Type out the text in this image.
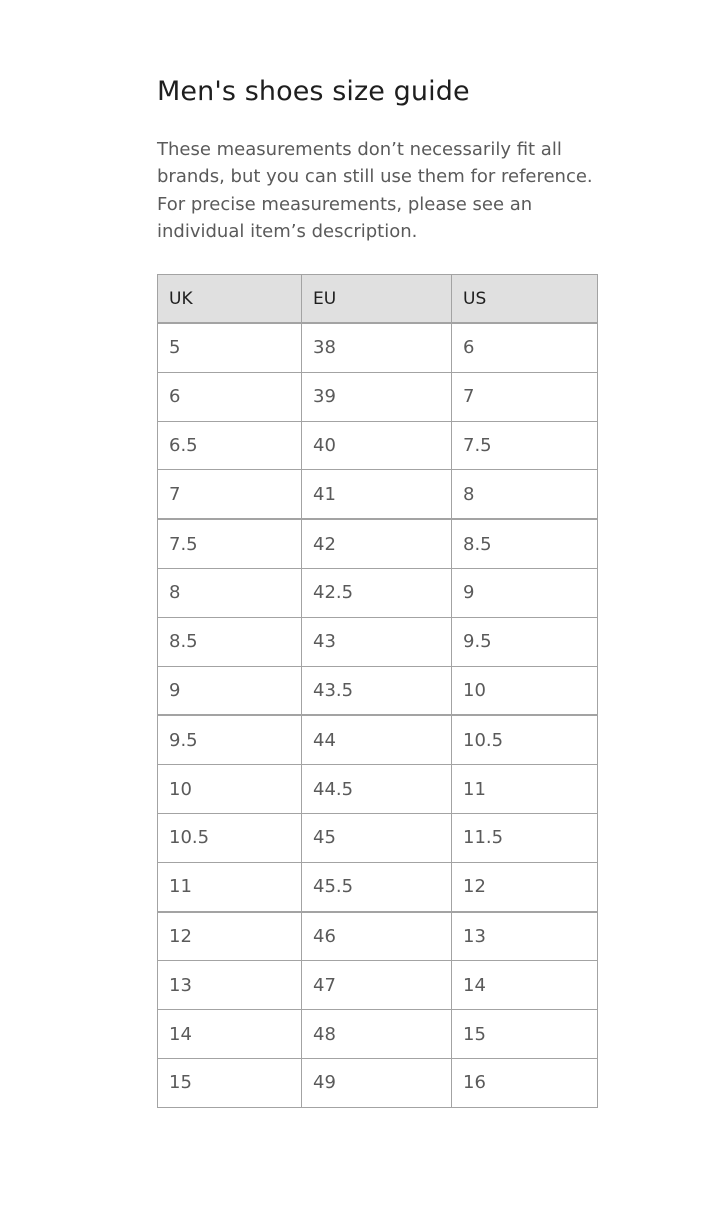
Men's shoes size guide

These measurements don’t necessarily fit all brands, but you can still use them for reference. For precise measurements, please see an individual item’s description.

UK	EU	US
5	38	6
6	39	7
6.5	40	7.5
7	41	8
7.5	42	8.5
8	42.5	9
8.5	43	9.5
9	43.5	10
9.5	44	10.5
10	44.5	11
10.5	45	11.5
11	45.5	12
12	46	13
13	47	14
14	48	15
15	49	16
